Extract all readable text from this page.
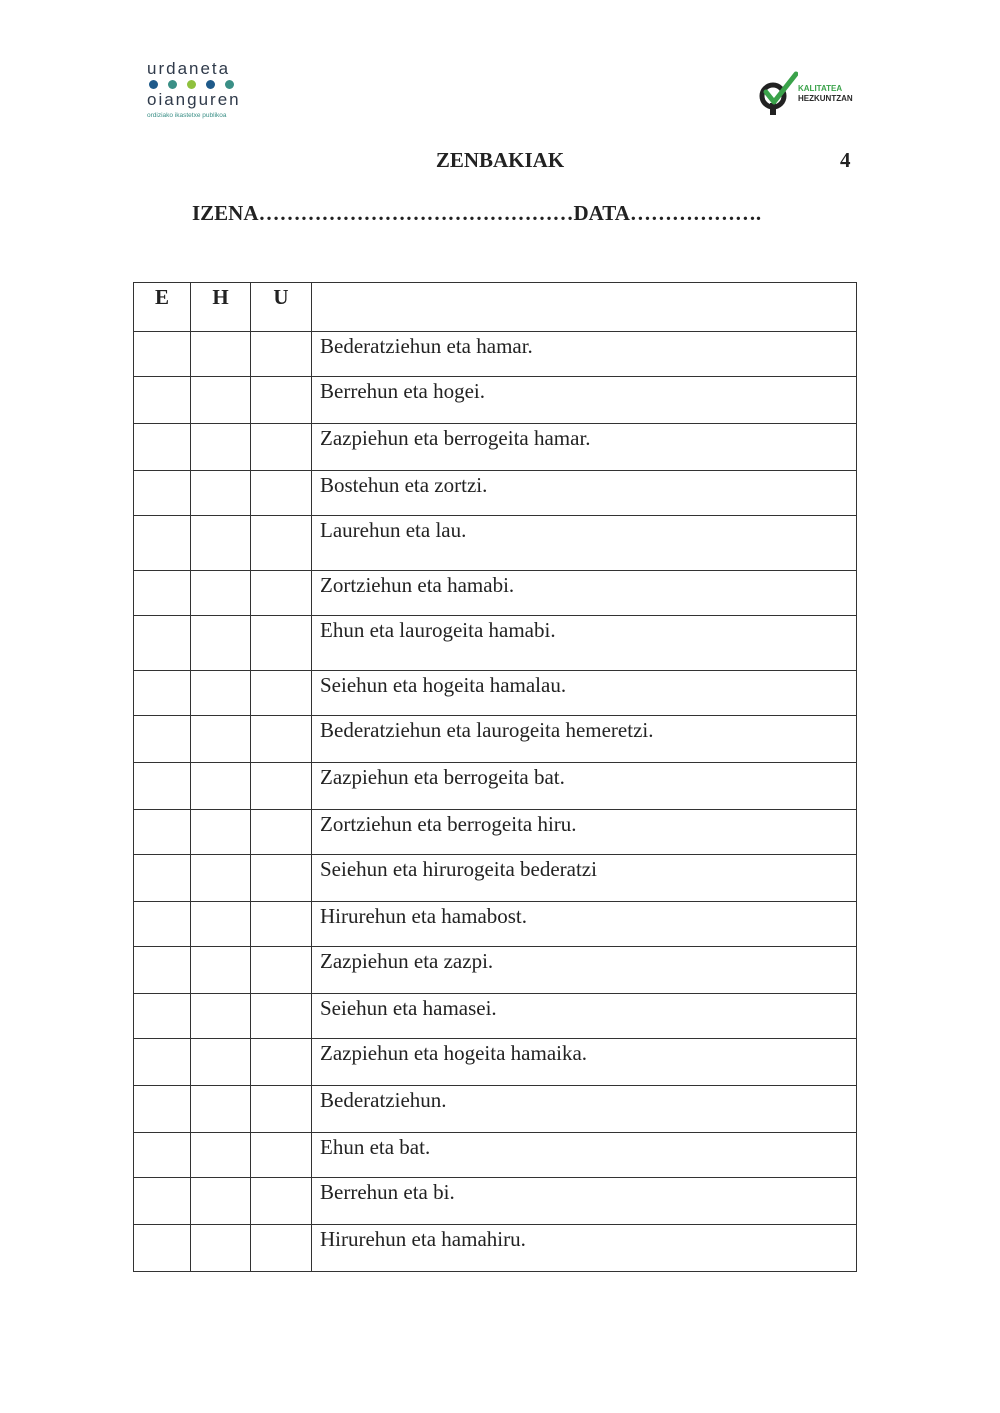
urdaneta
oianguren
ordiziako ikastetxe publikoa
KALITATEA
HEZKUNTZAN
ZENBAKIAK	4
IZENA………………………………………DATA……………….
E	H	U	
			Bederatziehun eta hamar.
			Berrehun eta hogei.
			Zazpiehun eta berrogeita hamar.
			Bostehun eta zortzi.
			Laurehun eta lau.
			Zortziehun eta hamabi.
			Ehun eta laurogeita hamabi.
			Seiehun eta hogeita hamalau.
			Bederatziehun eta laurogeita hemeretzi.
			Zazpiehun eta berrogeita bat.
			Zortziehun eta berrogeita hiru.
			Seiehun eta hirurogeita bederatzi
			Hirurehun eta hamabost.
			Zazpiehun eta zazpi.
			Seiehun eta hamasei.
			Zazpiehun eta hogeita hamaika.
			Bederatziehun.
			Ehun eta bat.
			Berrehun eta bi.
			Hirurehun eta hamahiru.
